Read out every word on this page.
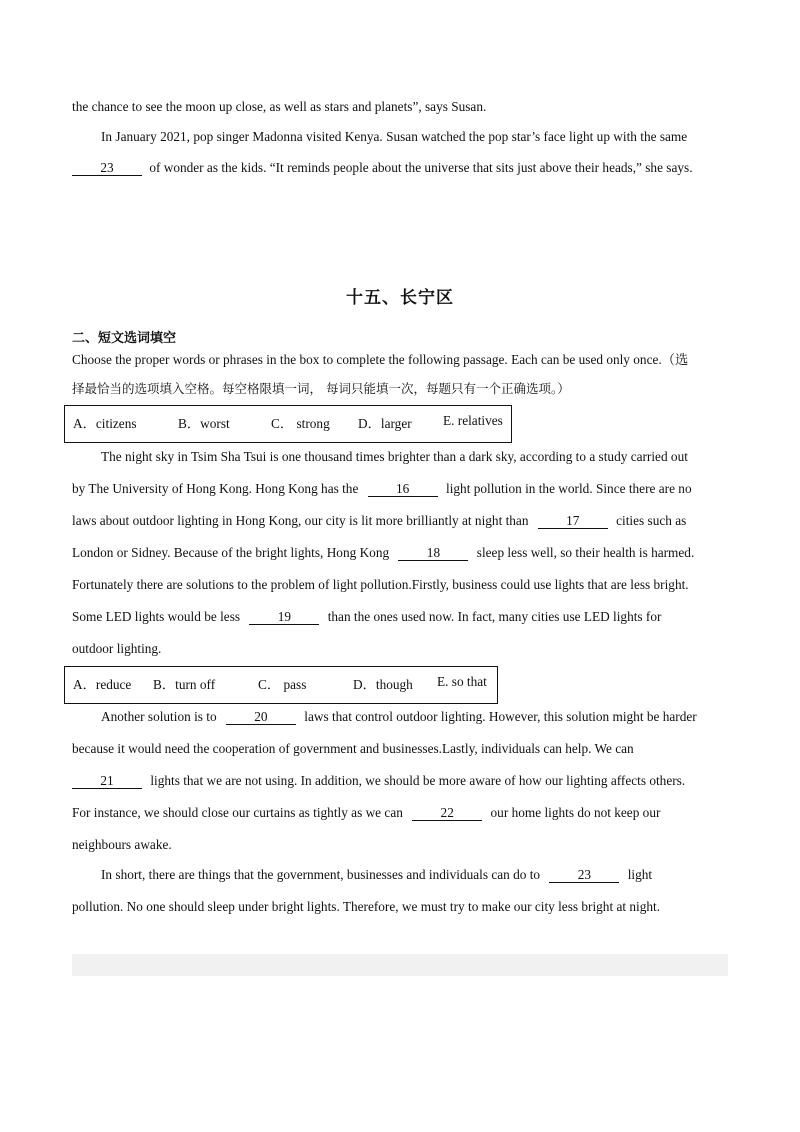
the chance to see the moon up close, as well as stars and planets”, says Susan.
In January 2021, pop singer Madonna visited Kenya. Susan watched the pop star’s face light up with the same
23	of wonder as the kids. “It reminds people about the universe that sits just above their heads,” she says.
十五、长宁区
二、短文选词填空
Choose the proper words or phrases in the box to complete the following passage. Each can be used only once.（选
择最恰当的选项填入空格。每空格限填一词， 每词只能填一次，每题只有一个正确选项。）
A．citizens	B．worst	C． strong D．larger E. relatives
The night sky in Tsim Sha Tsui is one thousand times brighter than a dark sky, according to a study carried out
by The University of Hong Kong. Hong Kong has the	16	light pollution in the world. Since there are no
laws about outdoor lighting in Hong Kong, our city is lit more brilliantly at night than	17	cities such as
London or Sidney. Because of the bright lights, Hong Kong	18	sleep less well, so their health is harmed.
Fortunately there are solutions to the problem of light pollution.Firstly, business could use lights that are less bright.
Some LED lights would be less	19	than the ones used now. In fact, many cities use LED lights for
outdoor lighting.
A．reduce B．turn off	C． pass	D．though E. so that
Another solution is to	20	laws that control outdoor lighting. However, this solution might be harder
because it would need the cooperation of government and businesses.Lastly, individuals can help. We can
21	lights that we are not using. In addition, we should be more aware of how our lighting affects others.
For instance, we should close our curtains as tightly as we can	22	our home lights do not keep our
neighbours awake.
In short, there are things that the government, businesses and individuals can do to	23	light
pollution. No one should sleep under bright lights. Therefore, we must try to make our city less bright at night.
